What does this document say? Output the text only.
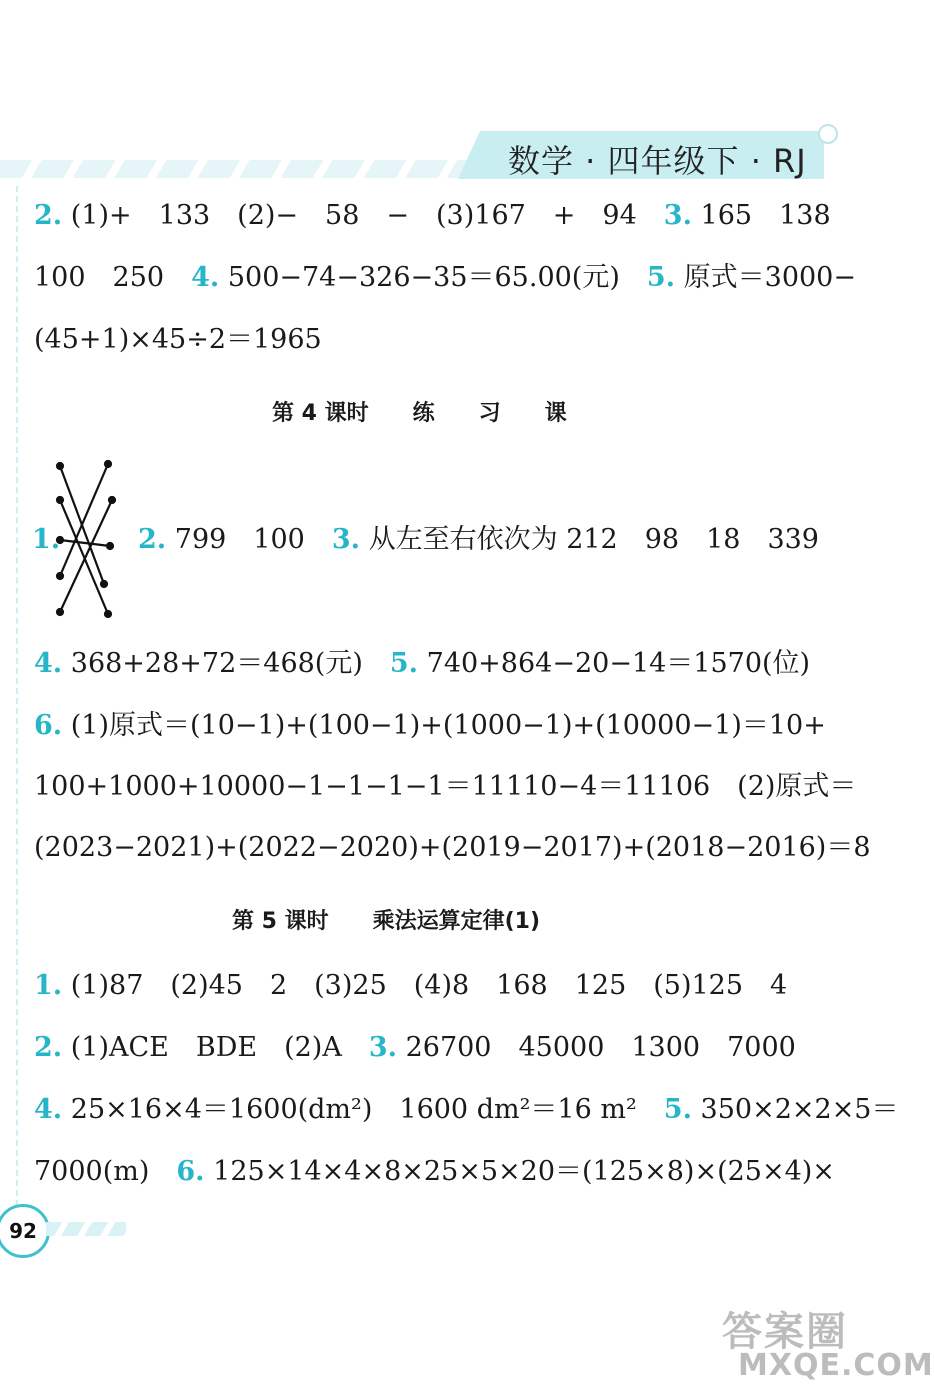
数学 · 四年级下 · RJ
2. (1)+　133　(2)−　58　−　(3)167　+　94　3. 165　138
100　250　4. 500−74−326−35＝65.00(元)　5. 原式＝3000−
(45+1)×45÷2＝1965
第 4 课时　　练　　习　　课
1.	2. 799　100　3. 从左至右依次为 212　98　18　339
4. 368+28+72＝468(元)　5. 740+864−20−14＝1570(位)
6. (1)原式＝(10−1)+(100−1)+(1000−1)+(10000−1)＝10+
100+1000+10000−1−1−1−1＝11110−4＝11106　(2)原式＝
(2023−2021)+(2022−2020)+(2019−2017)+(2018−2016)＝8
第 5 课时　　乘法运算定律(1)
1. (1)87　(2)45　2　(3)25　(4)8　168　125　(5)125　4
2. (1)ACE　BDE　(2)A　3. 26700　45000　1300　7000
4. 25×16×4＝1600(dm²)　1600 dm²＝16 m²　5. 350×2×2×5＝
7000(m)　6. 125×14×4×8×25×5×20＝(125×8)×(25×4)×
92
答案圈
MXQE.COM
